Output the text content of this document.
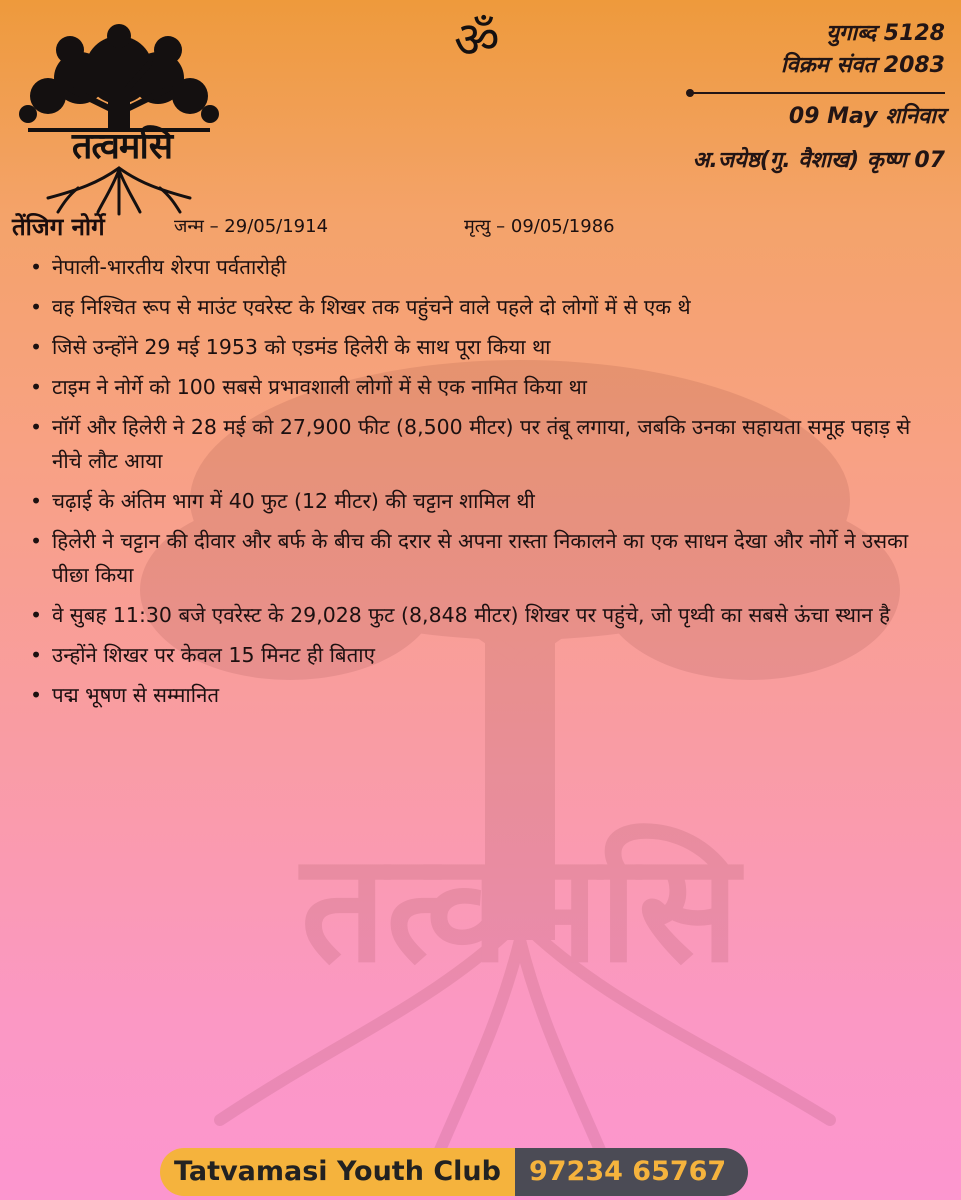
तत्वमसि
तत्वमसि
ॐ	युगाब्द 5128
विक्रम संवत 2083
09 May शनिवार
अ.जयेष्ठ(गु. वैशाख) कृष्ण 07
तेंजिग नोर्गे	जन्म – 29/05/1914	मृत्यु – 09/05/1986
• नेपाली-भारतीय शेरपा पर्वतारोही
• वह निश्चित रूप से माउंट एवरेस्ट के शिखर तक पहुंचने वाले पहले दो लोगों में से एक थे
• जिसे उन्होंने 29 मई 1953 को एडमंड हिलेरी के साथ पूरा किया था
• टाइम ने नोर्गे को 100 सबसे प्रभावशाली लोगों में से एक नामित किया था
• नॉर्गे और हिलेरी ने 28 मई को 27,900 फीट (8,500 मीटर) पर तंबू लगाया, जबकि उनका सहायता समूह पहाड़ से नीचे लौट आया
• चढ़ाई के अंतिम भाग में 40 फुट (12 मीटर) की चट्टान शामिल थी
• हिलेरी ने चट्टान की दीवार और बर्फ के बीच की दरार से अपना रास्ता निकालने का एक साधन देखा और नोर्गे ने उसका पीछा किया
• वे सुबह 11:30 बजे एवरेस्ट के 29,028 फुट (8,848 मीटर) शिखर पर पहुंचे, जो पृथ्वी का सबसे ऊंचा स्थान है
• उन्होंने शिखर पर केवल 15 मिनट ही बिताए
• पद्म भूषण से सम्मानित
Tatvamasi Youth Club	97234 65767
